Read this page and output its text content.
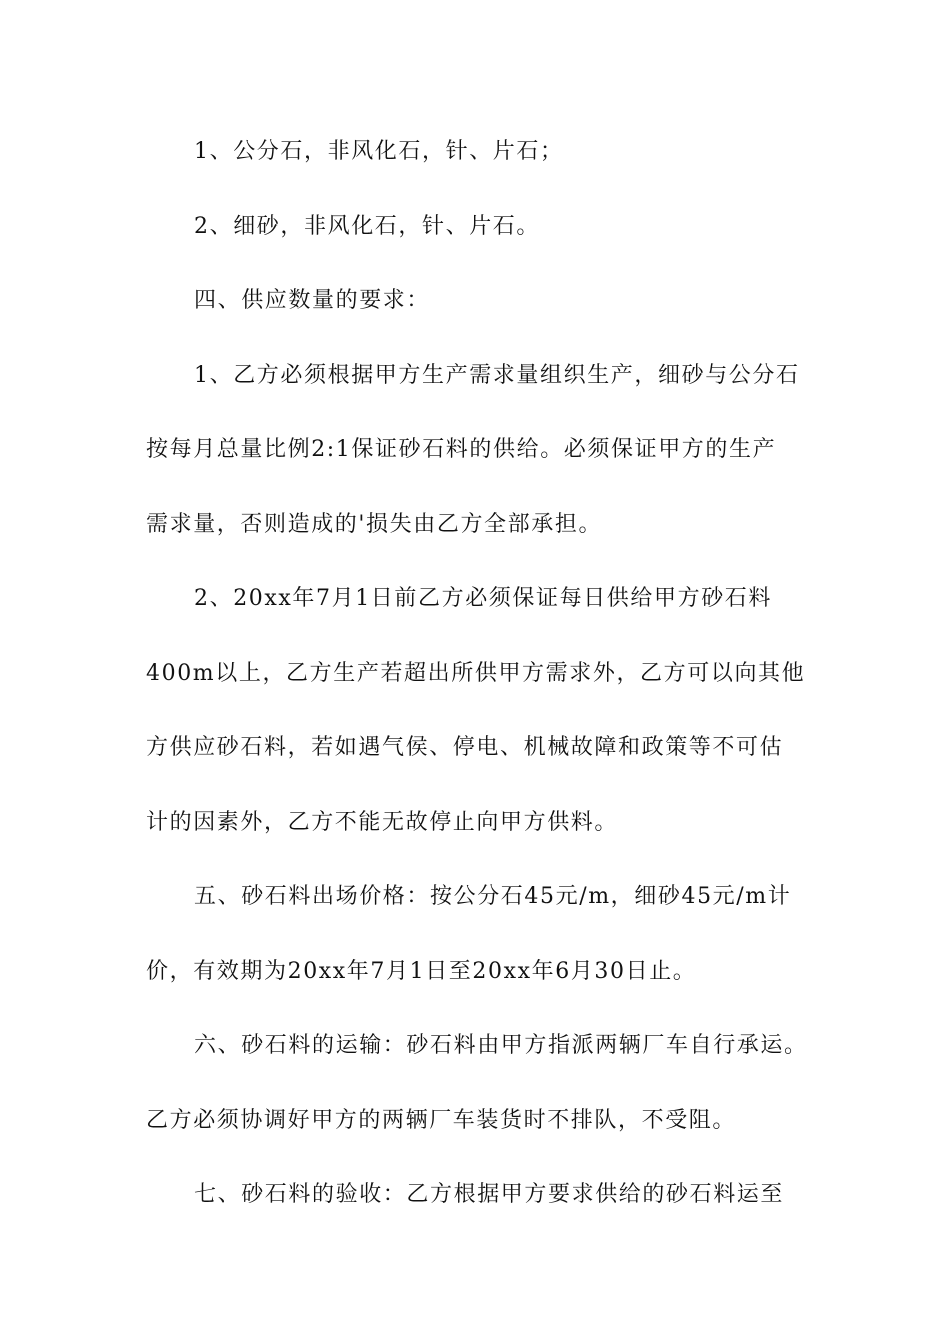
1、公分石，非风化石，针、片石；
2、细砂，非风化石，针、片石。
四、供应数量的要求：
1、乙方必须根据甲方生产需求量组织生产，细砂与公分石
按每月总量比例2:1保证砂石料的供给。必须保证甲方的生产
需求量，否则造成的'损失由乙方全部承担。
2、20xx年7月1日前乙方必须保证每日供给甲方砂石料
400m以上，乙方生产若超出所供甲方需求外，乙方可以向其他
方供应砂石料，若如遇气侯、停电、机械故障和政策等不可估
计的因素外，乙方不能无故停止向甲方供料。
五、砂石料出场价格：按公分石45元/m，细砂45元/m计
价，有效期为20xx年7月1日至20xx年6月30日止。
六、砂石料的运输：砂石料由甲方指派两辆厂车自行承运。
乙方必须协调好甲方的两辆厂车装货时不排队，不受阻。
七、砂石料的验收：乙方根据甲方要求供给的砂石料运至
